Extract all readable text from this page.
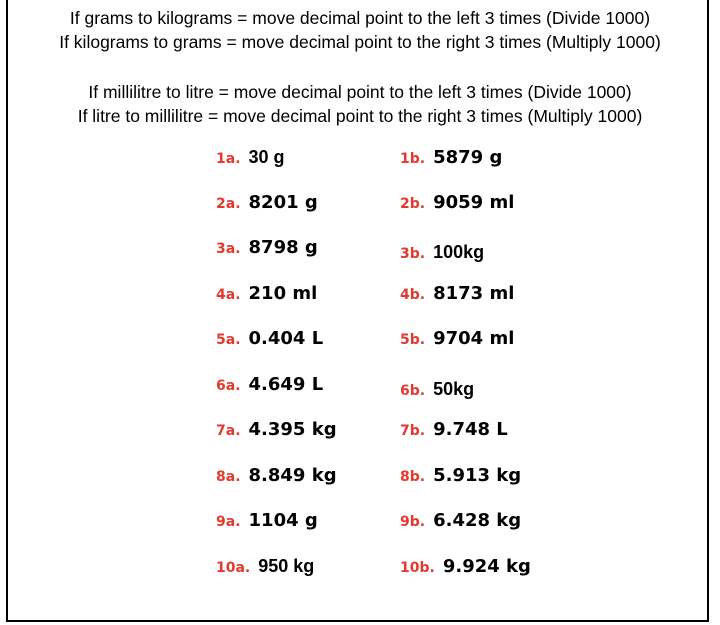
If grams to kilograms = move decimal point to the left 3 times (Divide 1000)
If kilograms to grams = move decimal point to the right 3 times (Multiply 1000)
If millilitre to litre = move decimal point to the left 3 times (Divide 1000)
If litre to millilitre = move decimal point to the right 3 times (Multiply 1000)
1a. 30 g	1b. 5879 g
2a. 8201 g	2b. 9059 ml
3a. 8798 g	3b. 100kg
4a. 210 ml	4b. 8173 ml
5a. 0.404 L	5b. 9704 ml
6a. 4.649 L	6b. 50kg
7a. 4.395 kg	7b. 9.748 L
8a. 8.849 kg	8b. 5.913 kg
9a. 1104 g	9b. 6.428 kg
10a. 950 kg	10b. 9.924 kg
